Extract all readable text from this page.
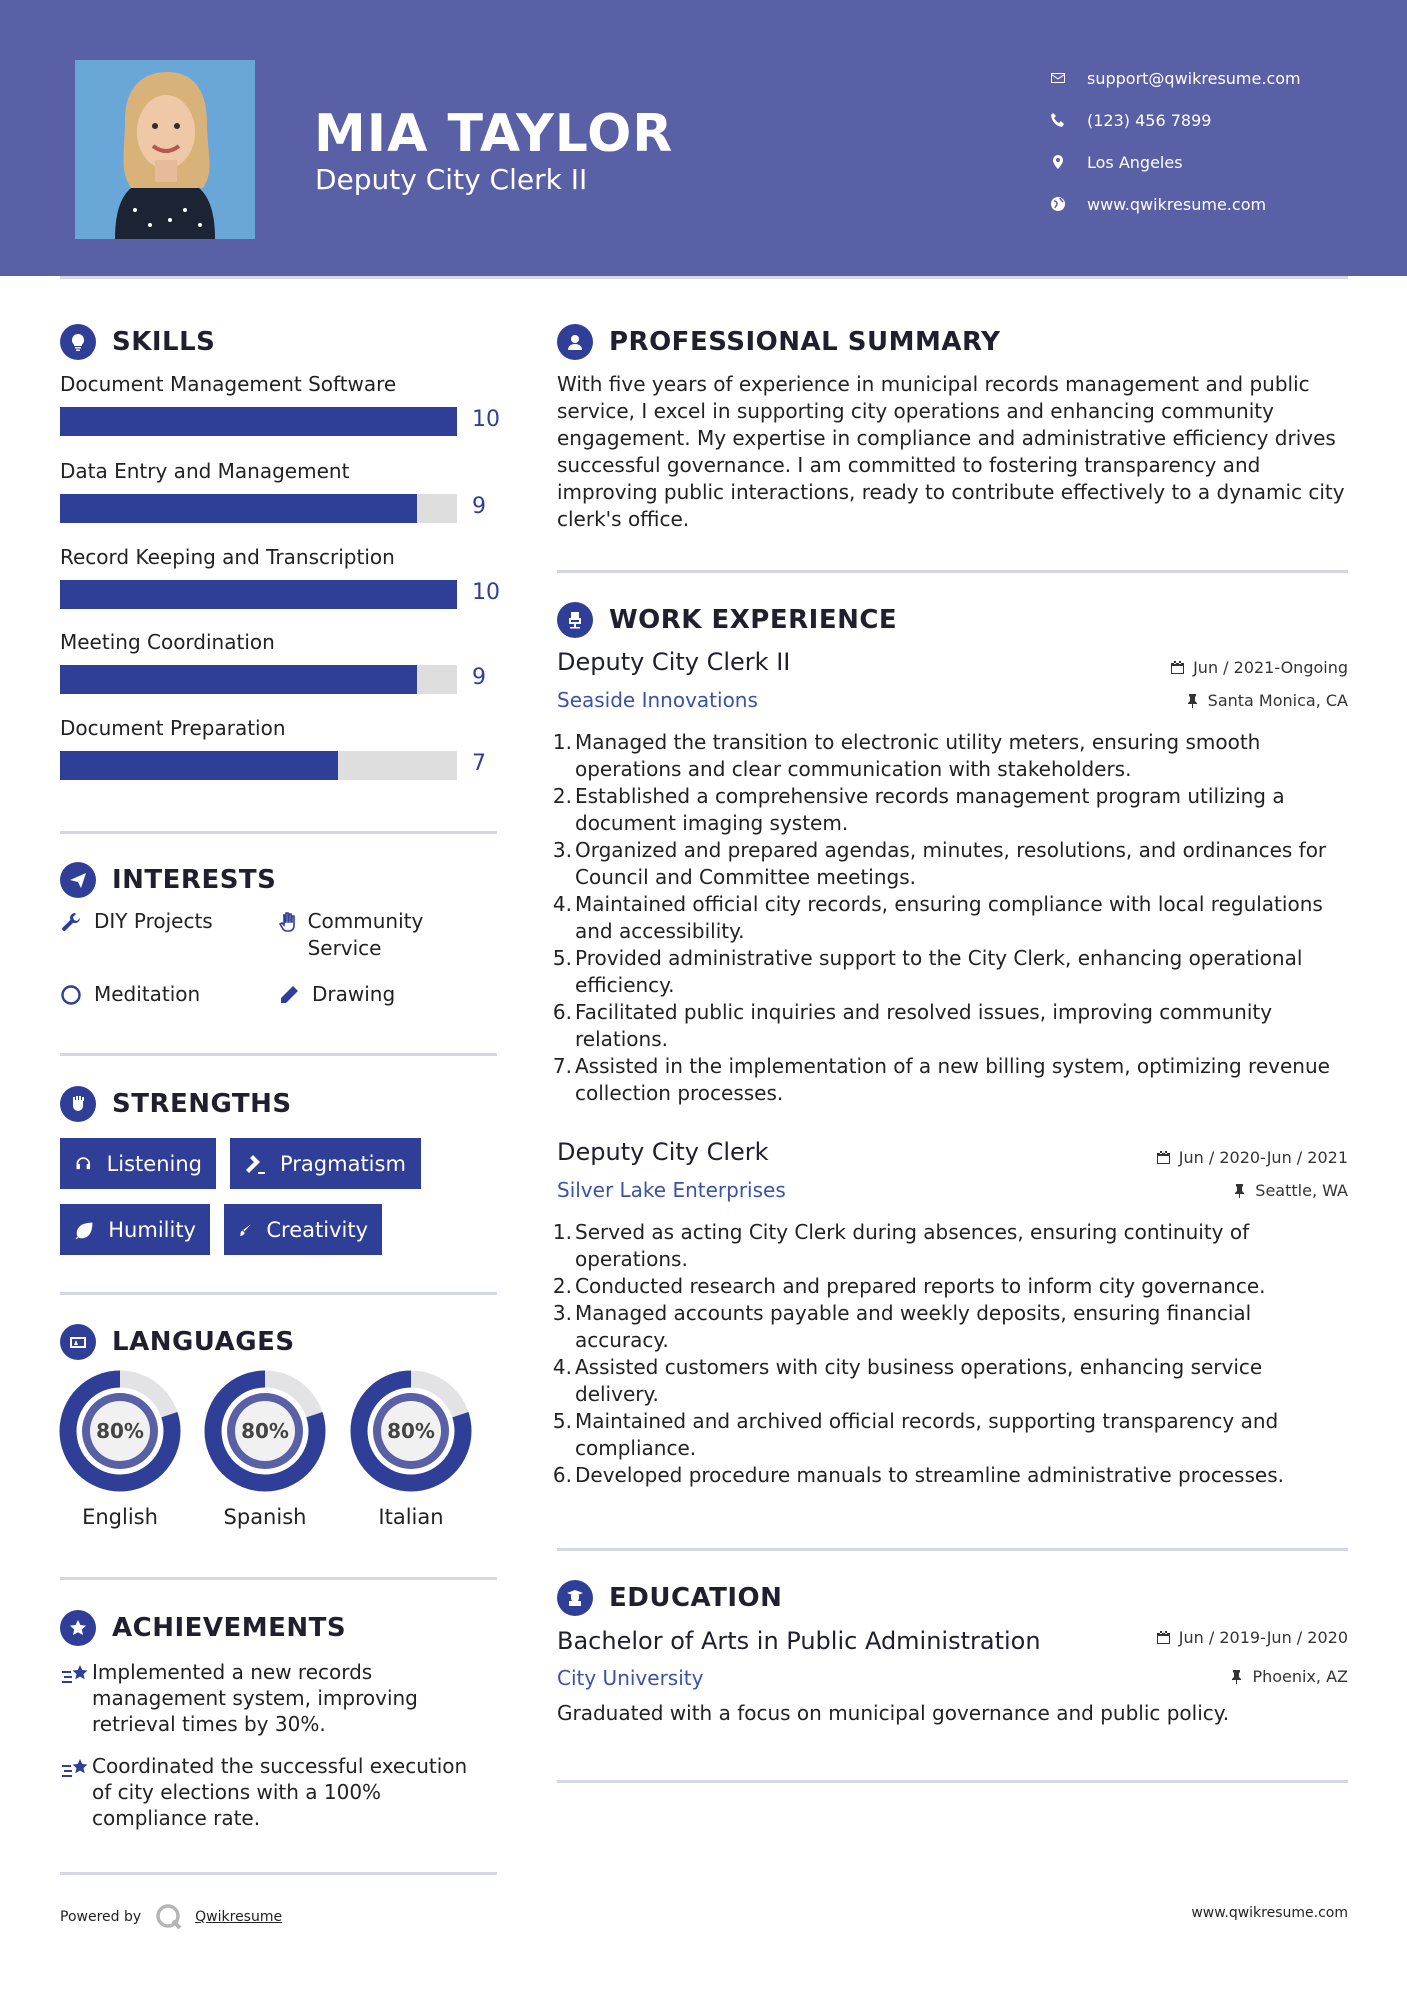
MIA TAYLOR
Deputy City Clerk II
support@qwikresume.com
(123) 456 7899
Los Angeles
www.qwikresume.com
SKILLS
Document Management Software
10
Data Entry and Management
9
Record Keeping and Transcription
10
Meeting Coordination
9
Document Preparation
7
INTERESTS
DIY Projects	Community Service
Meditation	Drawing
STRENGTHS
Listening	Pragmatism
Humility	Creativity
LANGUAGES
80%
English
80%
Spanish
80%
Italian
ACHIEVEMENTS
Implemented a new records management system, improving retrieval times by 30%.
Coordinated the successful execution of city elections with a 100% compliance rate.
PROFESSIONAL SUMMARY
With five years of experience in municipal records management and public service, I excel in supporting city operations and enhancing community engagement. My expertise in compliance and administrative efficiency drives successful governance. I am committed to fostering transparency and improving public interactions, ready to contribute effectively to a dynamic city clerk's office.
WORK EXPERIENCE
Deputy City Clerk II	Jun / 2021-Ongoing
Seaside Innovations	Santa Monica, CA
1. Managed the transition to electronic utility meters, ensuring smooth operations and clear communication with stakeholders.
2. Established a comprehensive records management program utilizing a document imaging system.
3. Organized and prepared agendas, minutes, resolutions, and ordinances for Council and Committee meetings.
4. Maintained official city records, ensuring compliance with local regulations and accessibility.
5. Provided administrative support to the City Clerk, enhancing operational efficiency.
6. Facilitated public inquiries and resolved issues, improving community relations.
7. Assisted in the implementation of a new billing system, optimizing revenue collection processes.
Deputy City Clerk	Jun / 2020-Jun / 2021
Silver Lake Enterprises	Seattle, WA
1. Served as acting City Clerk during absences, ensuring continuity of operations.
2. Conducted research and prepared reports to inform city governance.
3. Managed accounts payable and weekly deposits, ensuring financial accuracy.
4. Assisted customers with city business operations, enhancing service delivery.
5. Maintained and archived official records, supporting transparency and compliance.
6. Developed procedure manuals to streamline administrative processes.
EDUCATION
Bachelor of Arts in Public Administration	Jun / 2019-Jun / 2020
City University	Phoenix, AZ
Graduated with a focus on municipal governance and public policy.
Powered by	Qwikresume	www.qwikresume.com
